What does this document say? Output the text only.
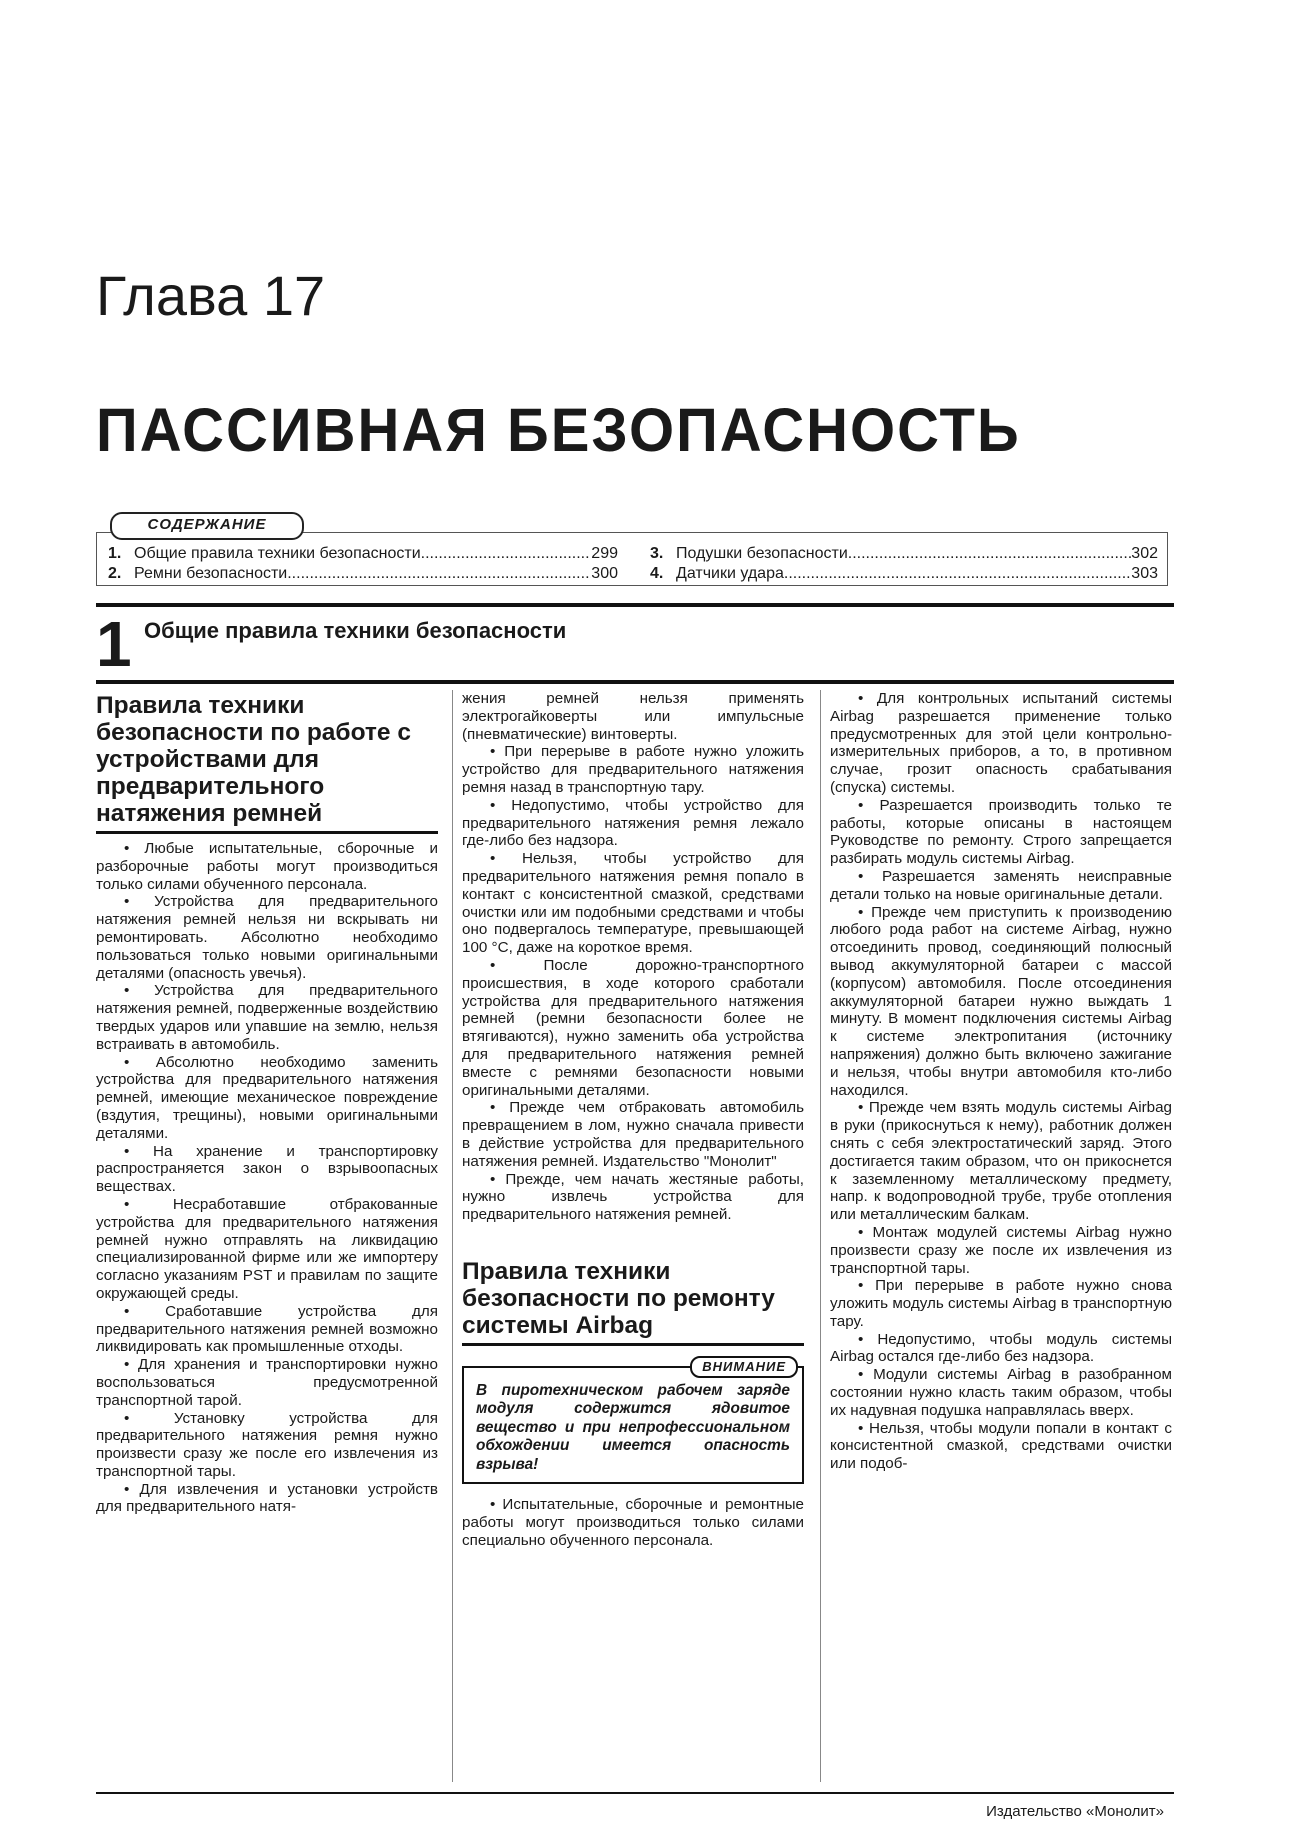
Глава 17
ПАССИВНАЯ БЕЗОПАСНОСТЬ
СОДЕРЖАНИЕ
1. Общие правила техники безопасности .....	299
2. Ремни безопасности .....	300
3. Подушки безопасности .....	302
4. Датчики удара .....	303
1 Общие правила техники безопасности
Правила техники безопасности по работе с устройствами для предварительного натяжения ремней

• Любые испытательные, сборочные и разборочные работы могут производиться только силами обученного персонала.

• Устройства для предварительного натяжения ремней нельзя ни вскрывать ни ремонтировать. Абсолютно необходимо пользоваться только новыми оригинальными деталями (опасность увечья).

• Устройства для предварительного натяжения ремней, подверженные воздействию твердых ударов или упавшие на землю, нельзя встраивать в автомобиль.

• Абсолютно необходимо заменить устройства для предварительного натяжения ремней, имеющие механическое повреждение (вздутия, трещины), новыми оригинальными деталями.

• На хранение и транспортировку распространяется закон о взрывоопасных веществах.

• Несработавшие отбракованные устройства для предварительного натяжения ремней нужно отправлять на ликвидацию специализированной фирме или же импортеру согласно указаниям PST и правилам по защите окружающей среды.

• Сработавшие устройства для предварительного натяжения ремней возможно ликвидировать как промышленные отходы.

• Для хранения и транспортировки нужно воспользоваться предусмотренной транспортной тарой.

• Установку устройства для предварительного натяжения ремня нужно произвести сразу же после его извлечения из транспортной тары.

• Для извлечения и установки устройств для предварительного натя-

жения ремней нельзя применять электрогайковерты или импульсные (пневматические) винтоверты.

• При перерыве в работе нужно уложить устройство для предварительного натяжения ремня назад в транспортную тару.

• Недопустимо, чтобы устройство для предварительного натяжения ремня лежало где-либо без надзора.

• Нельзя, чтобы устройство для предварительного натяжения ремня попало в контакт с консистентной смазкой, средствами очистки или им подобными средствами и чтобы оно подвергалось температуре, превышающей 100 °С, даже на короткое время.

• После дорожно-транспортного происшествия, в ходе которого сработали устройства для предварительного натяжения ремней (ремни безопасности более не втягиваются), нужно заменить оба устройства для предварительного натяжения ремней вместе с ремнями безопасности новыми оригинальными деталями.

• Прежде чем отбраковать автомобиль превращением в лом, нужно сначала привести в действие устройства для предварительного натяжения ремней. Издательство "Монолит"

• Прежде, чем начать жестяные работы, нужно извлечь устройства для предварительного натяжения ремней.

Правила техники безопасности по ремонту системы Airbag
ВНИМАНИЕ
В пиротехническом рабочем заряде модуля содержится ядовитое вещество и при непрофессиональном обхождении имеется опасность взрыва!

• Испытательные, сборочные и ремонтные работы могут производиться только силами специально обученного персонала.

• Для контрольных испытаний системы Airbag разрешается применение только предусмотренных для этой цели контрольно-измерительных приборов, а то, в противном случае, грозит опасность срабатывания (спуска) системы.

• Разрешается производить только те работы, которые описаны в настоящем Руководстве по ремонту. Строго запрещается разбирать модуль системы Airbag.

• Разрешается заменять неисправные детали только на новые оригинальные детали.

• Прежде чем приступить к производению любого рода работ на системе Airbag, нужно отсоединить провод, соединяющий полюсный вывод аккумуляторной батареи с массой (корпусом) автомобиля. После отсоединения аккумуляторной батареи нужно выждать 1 минуту. В момент подключения системы Airbag к системе электропитания (источнику напряжения) должно быть включено зажигание и нельзя, чтобы внутри автомобиля кто-либо находился.

• Прежде чем взять модуль системы Airbag в руки (прикоснуться к нему), работник должен снять с себя электростатический заряд. Этого достигается таким образом, что он прикоснется к заземленному металлическому предмету, напр. к водопроводной трубе, трубе отопления или металлическим балкам.

• Монтаж модулей системы Airbag нужно произвести сразу же после их извлечения из транспортной тары.

• При перерыве в работе нужно снова уложить модуль системы Airbag в транспортную тару.

• Недопустимо, чтобы модуль системы Airbag остался где-либо без надзора.

• Модули системы Airbag в разобранном состоянии нужно класть таким образом, чтобы их надувная подушка направлялась вверх.

• Нельзя, чтобы модули попали в контакт с консистентной смазкой, средствами очистки или подоб-

Издательство «Монолит»
